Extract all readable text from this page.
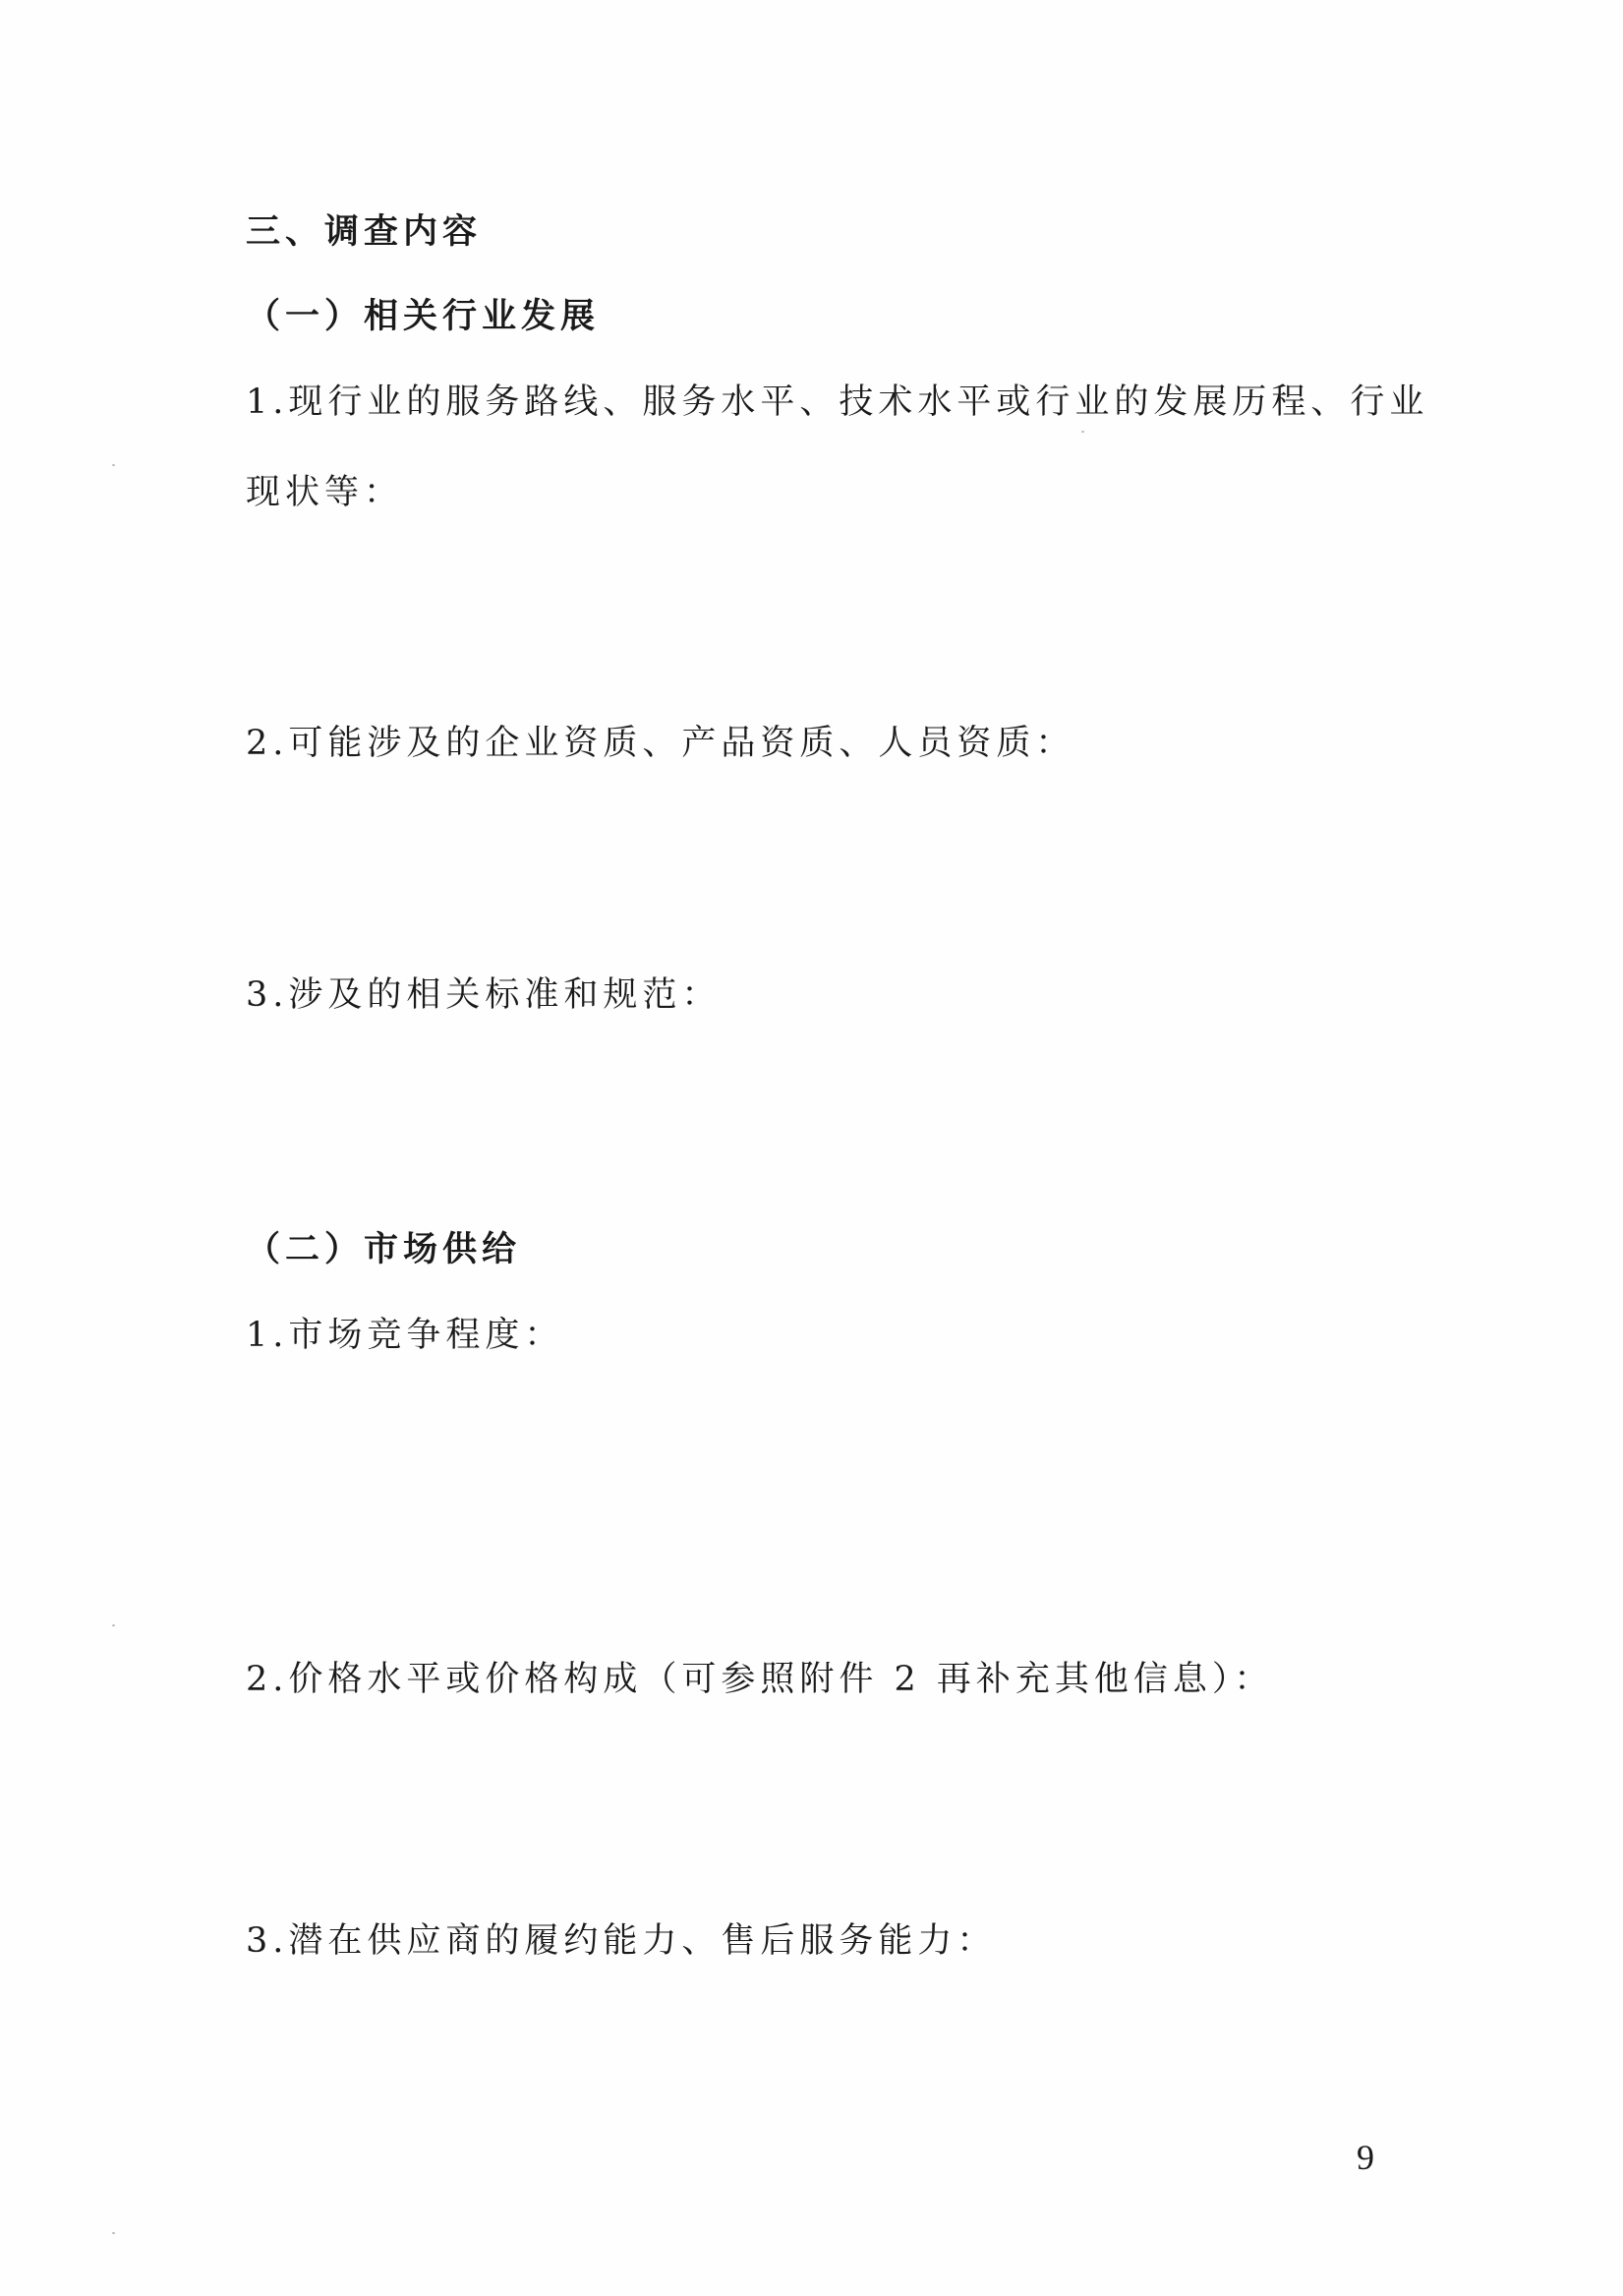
三、调查内容

（一）相关行业发展

1.现行业的服务路线、服务水平、技术水平或行业的发展历程、行业

现状等：

2.可能涉及的企业资质、产品资质、人员资质：

3.涉及的相关标准和规范：

（二）市场供给

1.市场竞争程度：

2.价格水平或价格构成（可参照附件 2 再补充其他信息）：

3.潜在供应商的履约能力、售后服务能力：

9
